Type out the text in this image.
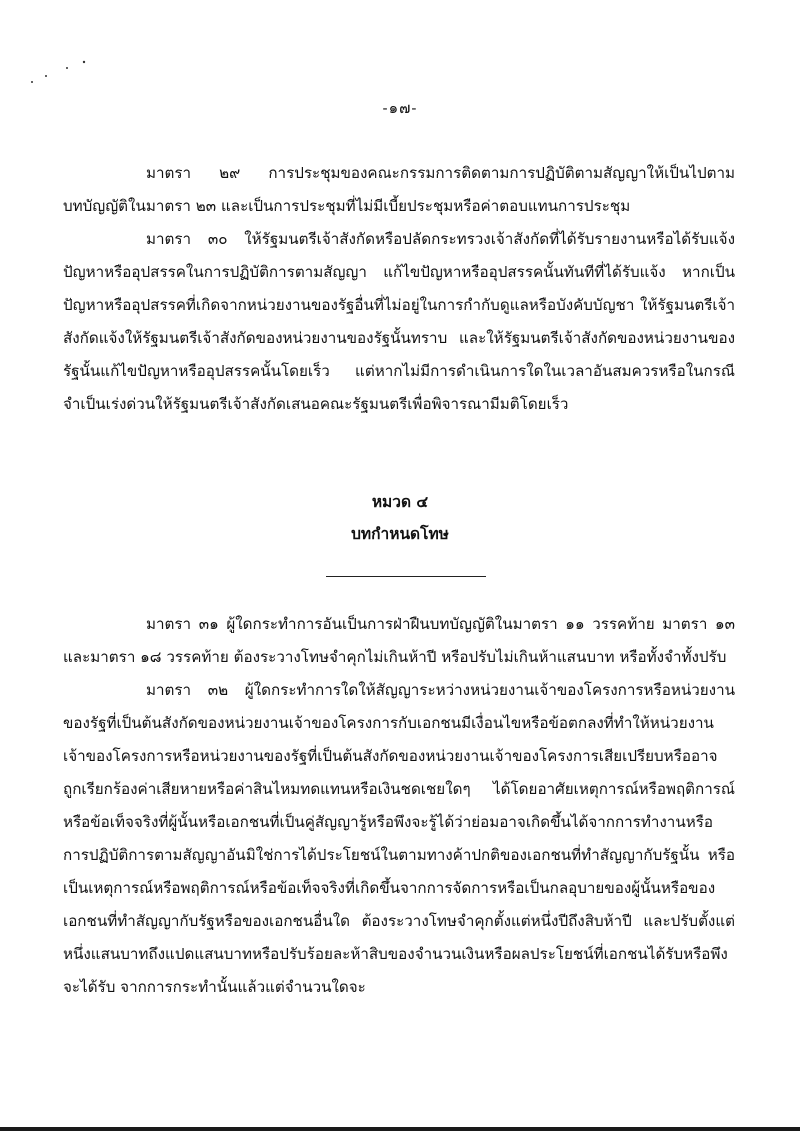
-๑๗-

มาตรา ๒๙ การประชุมของคณะกรรมการติดตามการปฏิบัติตามสัญญาให้เป็นไปตามบทบัญญัติในมาตรา ๒๓ และเป็นการประชุมที่ไม่มีเบี้ยประชุมหรือค่าตอบแทนการประชุม

มาตรา ๓๐ ให้รัฐมนตรีเจ้าสังกัดหรือปลัดกระทรวงเจ้าสังกัดที่ได้รับรายงานหรือได้รับแจ้งปัญหาหรืออุปสรรคในการปฏิบัติการตามสัญญา แก้ไขปัญหาหรืออุปสรรคนั้นทันทีที่ได้รับแจ้ง หากเป็นปัญหาหรืออุปสรรคที่เกิดจากหน่วยงานของรัฐอื่นที่ไม่อยู่ในการกำกับดูแลหรือบังคับบัญชา ให้รัฐมนตรีเจ้าสังกัดแจ้งให้รัฐมนตรีเจ้าสังกัดของหน่วยงานของรัฐนั้นทราบ และให้รัฐมนตรีเจ้าสังกัดของหน่วยงานของรัฐนั้นแก้ไขปัญหาหรืออุปสรรคนั้นโดยเร็ว แต่หากไม่มีการดำเนินการใดในเวลาอันสมควรหรือในกรณีจำเป็นเร่งด่วนให้รัฐมนตรีเจ้าสังกัดเสนอคณะรัฐมนตรีเพื่อพิจารณามีมติโดยเร็ว

หมวด ๔
บทกำหนดโทษ

มาตรา ๓๑ ผู้ใดกระทำการอันเป็นการฝ่าฝืนบทบัญญัติในมาตรา ๑๑ วรรคท้าย มาตรา ๑๓ และมาตรา ๑๘ วรรคท้าย ต้องระวางโทษจำคุกไม่เกินห้าปี หรือปรับไม่เกินห้าแสนบาท หรือทั้งจำทั้งปรับ

มาตรา ๓๒ ผู้ใดกระทำการใดให้สัญญาระหว่างหน่วยงานเจ้าของโครงการหรือหน่วยงานของรัฐที่เป็นต้นสังกัดของหน่วยงานเจ้าของโครงการกับเอกชนมีเงื่อนไขหรือข้อตกลงที่ทำให้หน่วยงานเจ้าของโครงการหรือหน่วยงานของรัฐที่เป็นต้นสังกัดของหน่วยงานเจ้าของโครงการเสียเปรียบหรืออาจถูกเรียกร้องค่าเสียหายหรือค่าสินไหมทดแทนหรือเงินชดเชยใดๆ ได้โดยอาศัยเหตุการณ์หรือพฤติการณ์หรือข้อเท็จจริงที่ผู้นั้นหรือเอกชนที่เป็นคู่สัญญารู้หรือพึงจะรู้ได้ว่าย่อมอาจเกิดขึ้นได้จากการทำงานหรือการปฏิบัติการตามสัญญาอันมิใช่การได้ประโยชน์ในตามทางค้าปกติของเอกชนที่ทำสัญญากับรัฐนั้น หรือเป็นเหตุการณ์หรือพฤติการณ์หรือข้อเท็จจริงที่เกิดขึ้นจากการจัดการหรือเป็นกลอุบายของผู้นั้นหรือของเอกชนที่ทำสัญญากับรัฐหรือของเอกชนอื่นใด ต้องระวางโทษจำคุกตั้งแต่หนึ่งปีถึงสิบห้าปี และปรับตั้งแต่หนึ่งแสนบาทถึงแปดแสนบาทหรือปรับร้อยละห้าสิบของจำนวนเงินหรือผลประโยชน์ที่เอกชนได้รับหรือพึงจะได้รับ จากการกระทำนั้นแล้วแต่จำนวนใดจะ
